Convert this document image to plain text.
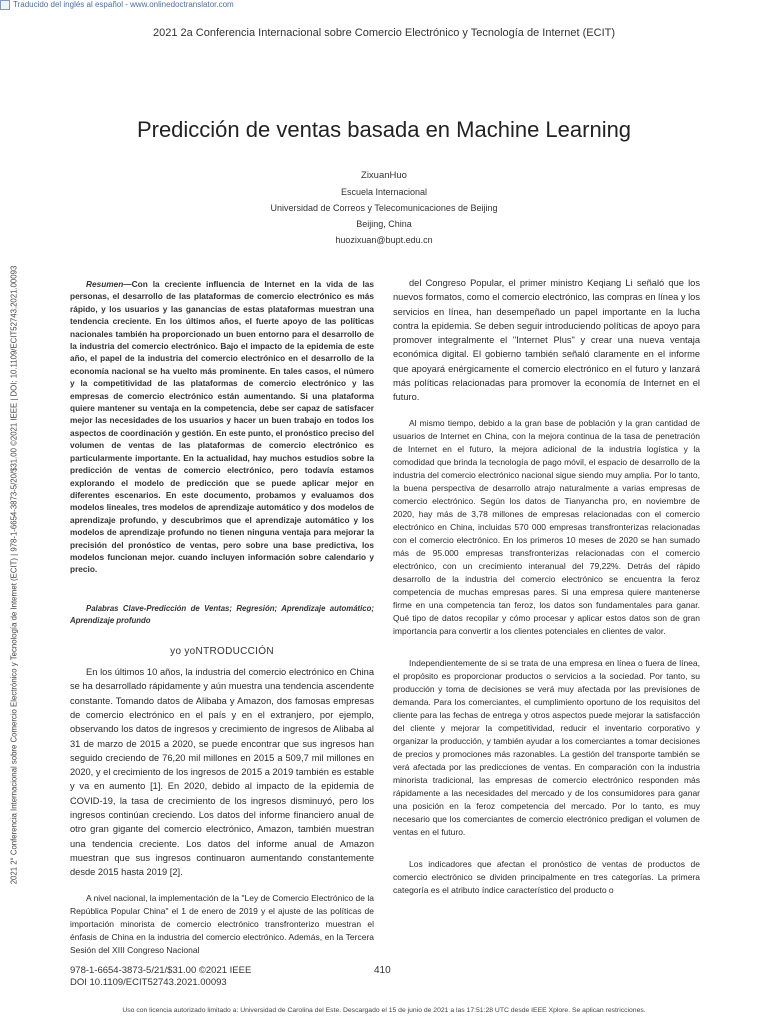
Traducido del inglés al español - www.onlinedoctranslator.com
2021 2a Conferencia Internacional sobre Comercio Electrónico y Tecnología de Internet (ECIT)
2021 2° Conferencia Internacional sobre Comercio Electrónico y Tecnología de Internet (ECIT) | 978-1-6654-3873-5/20/$31.00 ©2021 IEEE | DOI: 10.1109/ECIT52743.2021.00093
Predicción de ventas basada en Machine Learning
ZixuanHuo
Escuela Internacional
Universidad de Correos y Telecomunicaciones de Beijing
Beijing, China
huozixuan@bupt.edu.cn

Resumen—Con la creciente influencia de Internet en la vida de las personas, el desarrollo de las plataformas de comercio electrónico es más rápido, y los usuarios y las ganancias de estas plataformas muestran una tendencia creciente. En los últimos años, el fuerte apoyo de las políticas nacionales también ha proporcionado un buen entorno para el desarrollo de la industria del comercio electrónico. Bajo el impacto de la epidemia de este año, el papel de la industria del comercio electrónico en el desarrollo de la economía nacional se ha vuelto más prominente. En tales casos, el número y la competitividad de las plataformas de comercio electrónico y las empresas de comercio electrónico están aumentando. Si una plataforma quiere mantener su ventaja en la competencia, debe ser capaz de satisfacer mejor las necesidades de los usuarios y hacer un buen trabajo en todos los aspectos de coordinación y gestión. En este punto, el pronóstico preciso del volumen de ventas de las plataformas de comercio electrónico es particularmente importante. En la actualidad, hay muchos estudios sobre la predicción de ventas de comercio electrónico, pero todavía estamos explorando el modelo de predicción que se puede aplicar mejor en diferentes escenarios. En este documento, probamos y evaluamos dos modelos lineales, tres modelos de aprendizaje automático y dos modelos de aprendizaje profundo, y descubrimos que el aprendizaje automático y los modelos de aprendizaje profundo no tienen ninguna ventaja para mejorar la precisión del pronóstico de ventas, pero sobre una base predictiva, los modelos funcionan mejor. cuando incluyen información sobre calendario y precio.

Palabras Clave-Predicción de Ventas; Regresión; Aprendizaje automático; Aprendizaje profundo

yo yoNTRODUCCIÓN

En los últimos 10 años, la industria del comercio electrónico en China se ha desarrollado rápidamente y aún muestra una tendencia ascendente constante. Tomando datos de Alibaba y Amazon, dos famosas empresas de comercio electrónico en el país y en el extranjero, por ejemplo, observando los datos de ingresos y crecimiento de ingresos de Alibaba al 31 de marzo de 2015 a 2020, se puede encontrar que sus ingresos han seguido creciendo de 76,20 mil millones en 2015 a 509,7 mil millones en 2020, y el crecimiento de los ingresos de 2015 a 2019 también es estable y va en aumento [1]. En 2020, debido al impacto de la epidemia de COVID-19, la tasa de crecimiento de los ingresos disminuyó, pero los ingresos continúan creciendo. Los datos del informe financiero anual de otro gran gigante del comercio electrónico, Amazon, también muestran una tendencia creciente. Los datos del informe anual de Amazon muestran que sus ingresos continuaron aumentando constantemente desde 2015 hasta 2019 [2].

A nivel nacional, la implementación de la "Ley de Comercio Electrónico de la República Popular China" el 1 de enero de 2019 y el ajuste de las políticas de importación minorista de comercio electrónico transfronterizo muestran el énfasis de China en la industria del comercio electrónico. Además, en la Tercera Sesión del XIII Congreso Nacional

del Congreso Popular, el primer ministro Keqiang Li señaló que los nuevos formatos, como el comercio electrónico, las compras en línea y los servicios en línea, han desempeñado un papel importante en la lucha contra la epidemia. Se deben seguir introduciendo políticas de apoyo para promover integralmente el "Internet Plus" y crear una nueva ventaja económica digital. El gobierno también señaló claramente en el informe que apoyará enérgicamente el comercio electrónico en el futuro y lanzará más políticas relacionadas para promover la economía de Internet en el futuro.

Al mismo tiempo, debido a la gran base de población y la gran cantidad de usuarios de Internet en China, con la mejora continua de la tasa de penetración de Internet en el futuro, la mejora adicional de la industria logística y la comodidad que brinda la tecnología de pago móvil, el espacio de desarrollo de la industria del comercio electrónico nacional sigue siendo muy amplia. Por lo tanto, la buena perspectiva de desarrollo atrajo naturalmente a varias empresas de comercio electrónico. Según los datos de Tianyancha pro, en noviembre de 2020, hay más de 3,78 millones de empresas relacionadas con el comercio electrónico en China, incluidas 570 000 empresas transfronterizas relacionadas con el comercio electrónico. En los primeros 10 meses de 2020 se han sumado más de 95.000 empresas transfronterizas relacionadas con el comercio electrónico, con un crecimiento interanual del 79,22%. Detrás del rápido desarrollo de la industria del comercio electrónico se encuentra la feroz competencia de muchas empresas pares. Si una empresa quiere mantenerse firme en una competencia tan feroz, los datos son fundamentales para ganar. Qué tipo de datos recopilar y cómo procesar y aplicar estos datos son de gran importancia para convertir a los clientes potenciales en clientes de valor.

Independientemente de si se trata de una empresa en línea o fuera de línea, el propósito es proporcionar productos o servicios a la sociedad. Por tanto, su producción y toma de decisiones se verá muy afectada por las previsiones de demanda. Para los comerciantes, el cumplimiento oportuno de los requisitos del cliente para las fechas de entrega y otros aspectos puede mejorar la satisfacción del cliente y mejorar la competitividad, reducir el inventario corporativo y organizar la producción, y también ayudar a los comerciantes a tomar decisiones de precios y promociones más razonables. La gestión del transporte también se verá afectada por las predicciones de ventas. En comparación con la industria minorista tradicional, las empresas de comercio electrónico responden más rápidamente a las necesidades del mercado y de los consumidores para ganar una posición en la feroz competencia del mercado. Por lo tanto, es muy necesario que los comerciantes de comercio electrónico predigan el volumen de ventas en el futuro.

Los indicadores que afectan el pronóstico de ventas de productos de comercio electrónico se dividen principalmente en tres categorías. La primera categoría es el atributo índice característico del producto o

978-1-6654-3873-5/21/$31.00 ©2021 IEEE
DOI 10.1109/ECIT52743.2021.00093
410
Uso con licencia autorizado limitado a: Universidad de Carolina del Este. Descargado el 15 de junio de 2021 a las 17:51:28 UTC desde IEEE Xplore. Se aplican restricciones.
